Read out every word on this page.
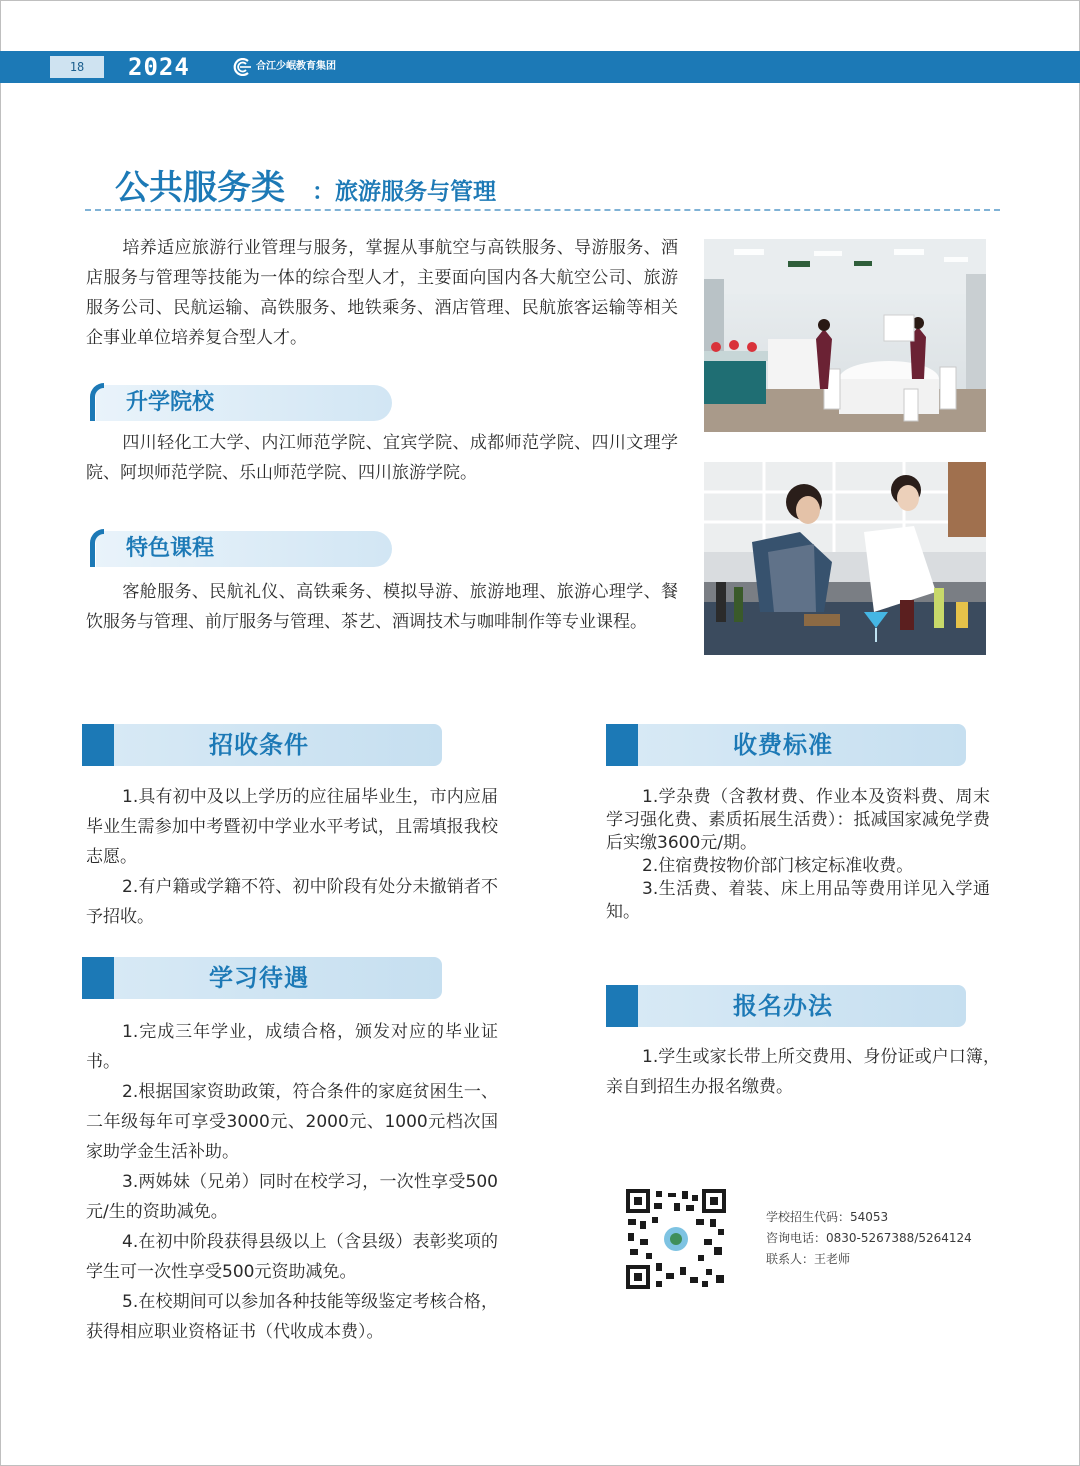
18	2024	合江少岷教育集团
公共服务类 ：旅游服务与管理

培养适应旅游行业管理与服务，掌握从事航空与高铁服务、导游服务、酒店服务与管理等技能为一体的综合型人才，主要面向国内各大航空公司、旅游服务公司、民航运输、高铁服务、地铁乘务、酒店管理、民航旅客运输等相关企事业单位培养复合型人才。

升学院校

四川轻化工大学、内江师范学院、宜宾学院、成都师范学院、四川文理学院、阿坝师范学院、乐山师范学院、四川旅游学院。

特色课程

客舱服务、民航礼仪、高铁乘务、模拟导游、旅游地理、旅游心理学、餐饮服务与管理、前厅服务与管理、茶艺、酒调技术与咖啡制作等专业课程。

招收条件

1.具有初中及以上学历的应往届毕业生，市内应届毕业生需参加中考暨初中学业水平考试，且需填报我校志愿。

2.有户籍或学籍不符、初中阶段有处分未撤销者不予招收。

学习待遇

1.完成三年学业，成绩合格，颁发对应的毕业证书。

2.根据国家资助政策，符合条件的家庭贫困生一、二年级每年可享受3000元、2000元、1000元档次国家助学金生活补助。

3.两姊妹（兄弟）同时在校学习，一次性享受500元/生的资助减免。

4.在初中阶段获得县级以上（含县级）表彰奖项的学生可一次性享受500元资助减免。

5.在校期间可以参加各种技能等级鉴定考核合格，获得相应职业资格证书（代收成本费）。

收费标准

1.学杂费（含教材费、作业本及资料费、周末学习强化费、素质拓展生活费）：抵减国家减免学费后实缴3600元/期。

2.住宿费按物价部门核定标准收费。

3.生活费、着装、床上用品等费用详见入学通知。

报名办法

1.学生或家长带上所交费用、身份证或户口簿，亲自到招生办报名缴费。

学校招生代码：54053
咨询电话：0830-5267388/5264124
联系人：王老师
